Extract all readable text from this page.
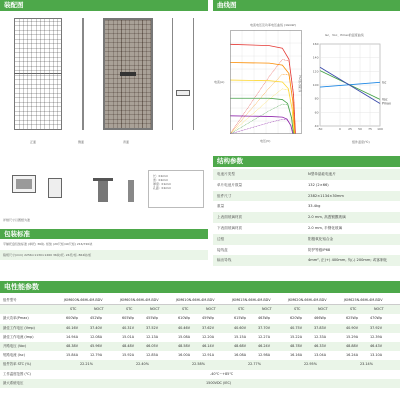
装配图	曲线图
正面	侧面	背面
长: ±2mm
宽: ±2mm
厚度: ±1mm
孔距: ±2mm
详细尺寸以图纸为准
包装标准
平铺托盘包装标准 (单托) 36块, 柜装 (20尺柜/40尺柜) 216/720块
箱规尺寸(mm) 2256×1130×1260 36块/托, 24托/柜, 864块/柜
电流电压及功率电压曲线 (1GGW)
电流(A)
电压(V)
Isc、Voc、Pmax的温度曲线
标准化值(%)
组件温度(℃)
-50	0 25 50 75 100
160
140
120
100
80
60
40
Isc
Voc
Pmax
结构参数
电池片类型	N型单晶硅电池片
单片电池片数量	132 (2×66)
组件尺寸	2382×1134×30mm
重量	33.4kg
上表面玻璃材质	2.0 mm, 高透镀膜玻璃
下表面玻璃材质	2.0 mm, 半钢化玻璃
边框	阳极氧化铝合金
接线盒	防护等级IP68
输出导线	4mm², 正(+) 400mm, 负(-) 200mm; 或客制化
电性能参数
组件型号	JKM600N-66HL4M-BDV	JKM605N-66HL4M-BDV	JKM610N-66HL4M-BDV	JKM615N-66HL4M-BDV	JKM620N-66HL4M-BDV	JKM625N-66HL4M-BDV
STC	NOCT	STC	NOCT	STC	NOCT	STC	NOCT	STC	NOCT	STC	NOCT
最大功率(Pmax)	600Wp	452Wp	605Wp	455Wp	610Wp	459Wp	615Wp	463Wp	620Wp	466Wp	625Wp	470Wp
最佳工作电压 (Vmp)	40.16V	37.40V	40.31V	37.52V	40.46V	37.62V	40.60V	37.70V	40.75V	37.83V	40.90V	37.92V
最佳工作电流 (Imp)	14.94A	12.08A	15.01A	12.13A	15.08A	12.20A	15.15A	12.27A	15.22A	12.33A	15.29A	12.39A
开路电压 (Voc)	48.38V	45.96V	48.48V	46.05V	48.58V	46.14V	48.68V	46.24V	48.78V	46.33V	48.88V	46.43V
短路电流 (Isc)	15.84A	12.79A	15.92A	12.85A	16.00A	12.91A	16.08A	12.98A	16.16A	13.04A	16.24A	13.10A
组件效率 STC (%)	22.21%	22.40%	22.58%	22.77%	22.95%	23.14%
工作温度范围 (℃)	-40℃~+85℃
最大系统电压	1500VDC (IEC)
